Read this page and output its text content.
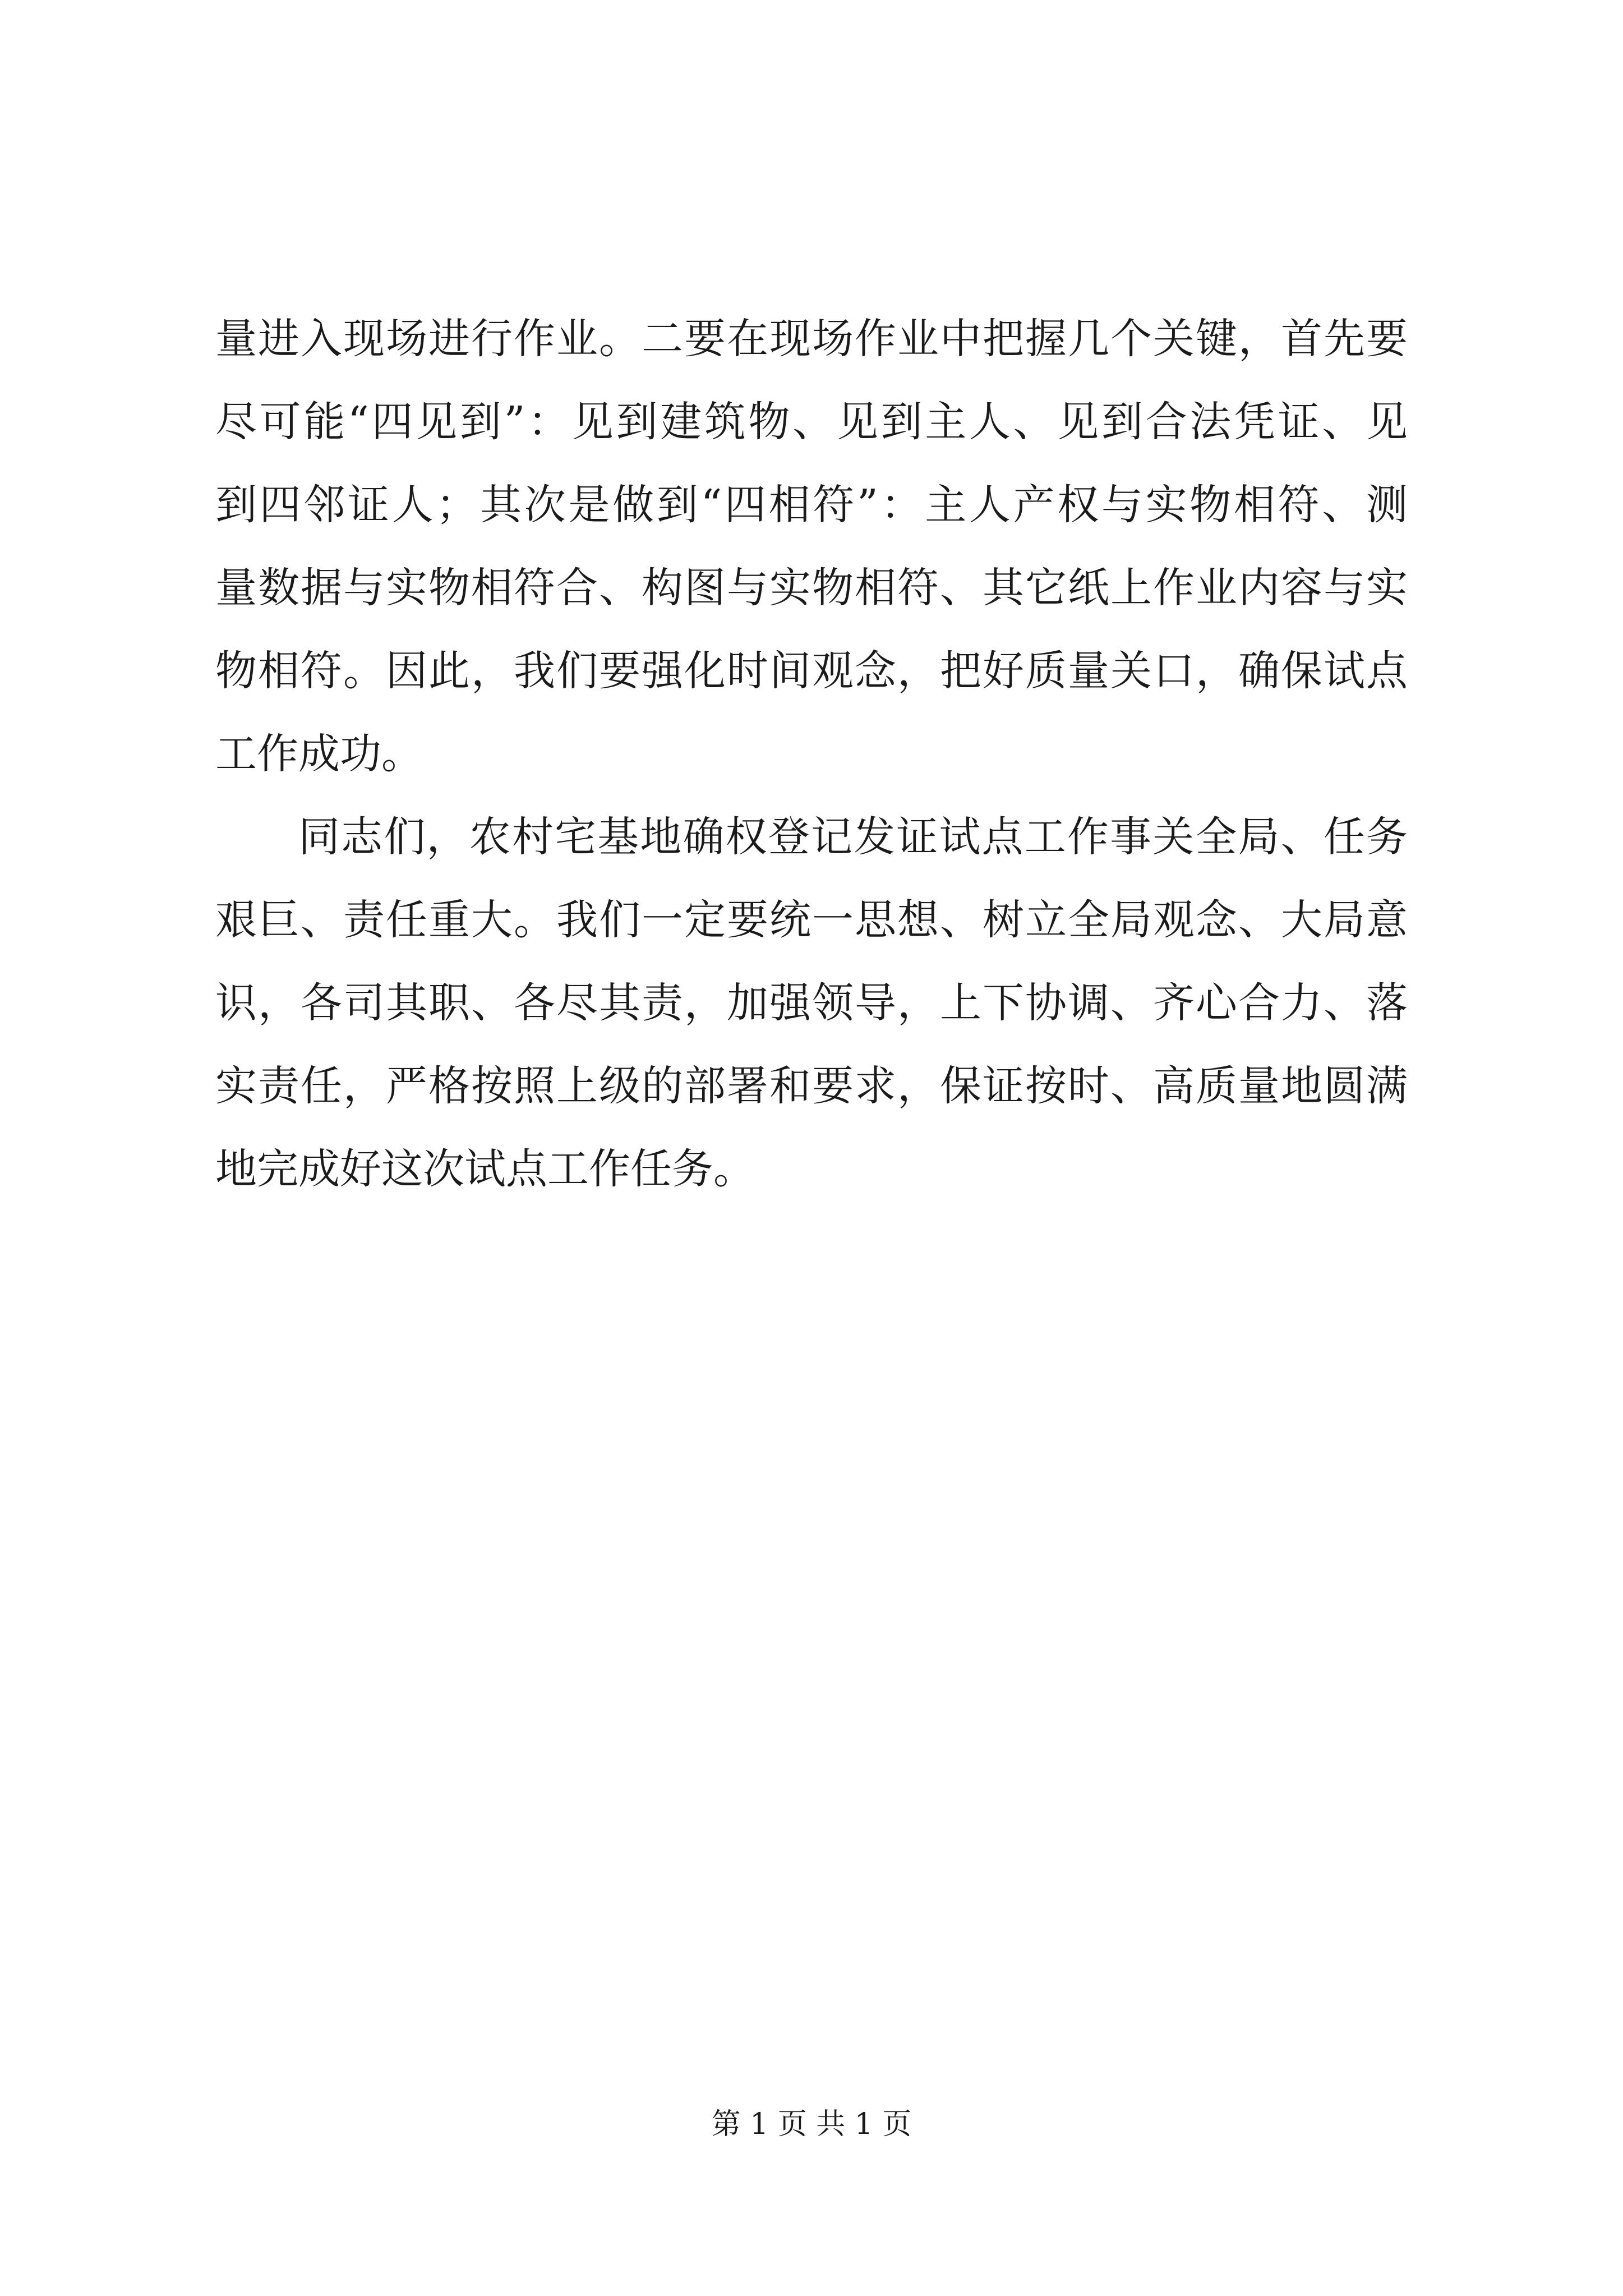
量进入现场进行作业。二要在现场作业中把握几个关键，首先要
尽可能“四见到”：见到建筑物、见到主人、见到合法凭证、见
到四邻证人；其次是做到“四相符”：主人产权与实物相符、测
量数据与实物相符合、构图与实物相符、其它纸上作业内容与实
物相符。因此，我们要强化时间观念，把好质量关口，确保试点
工作成功。
同志们，农村宅基地确权登记发证试点工作事关全局、任务
艰巨、责任重大。我们一定要统一思想、树立全局观念、大局意
识，各司其职、各尽其责，加强领导，上下协调、齐心合力、落
实责任，严格按照上级的部署和要求，保证按时、高质量地圆满
地完成好这次试点工作任务。
第 1 页 共 1 页
